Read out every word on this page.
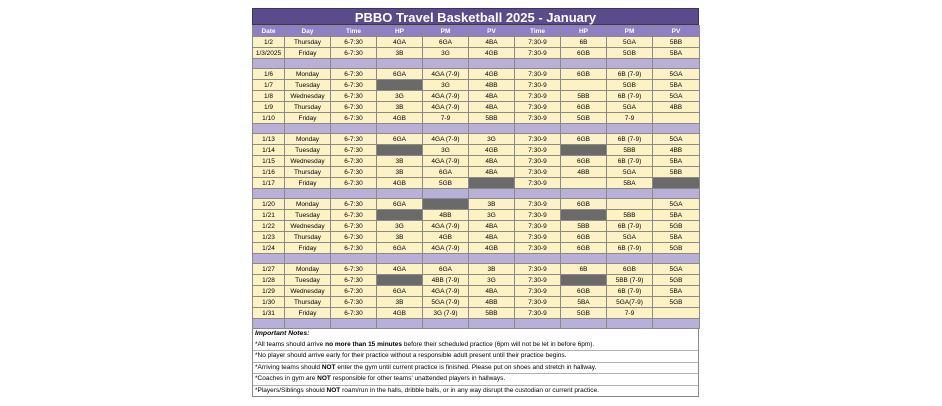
PBBO Travel Basketball 2025 - January
Date	Day	Time	HP	PM	PV	Time	HP	PM	PV
1/2	Thursday	6-7:30	4GA	6GA	4BA	7:30-9	6B	5GA	5BB
1/3/2025	Friday	6-7:30	3B	3G	4GB	7:30-9	6GB	5GB	5BA

1/6	Monday	6-7:30	6GA	4GA (7-9)	4GB	7:30-9	6GB	6B (7-9)	5GA
1/7	Tuesday	6-7:30		3G	4BB	7:30-9		5GB	5BA
1/8	Wednesday	6-7:30	3G	4GA (7-9)	4BA	7:30-9	5BB	6B (7-9)	5GA
1/9	Thursday	6-7:30	3B	4GA (7-9)	4BA	7:30-9	6GB	5GA	4BB
1/10	Friday	6-7:30	4GB	7-9	5BB	7:30-9	5GB	7-9	

1/13	Monday	6-7:30	6GA	4GA (7-9)	3G	7:30-9	6GB	6B (7-9)	5GA
1/14	Tuesday	6-7:30		3G	4GB	7:30-9		5BB	4BB
1/15	Wednesday	6-7:30	3B	4GA (7-9)	4BA	7:30-9	6GB	6B (7-9)	5BA
1/16	Thursday	6-7:30	3B	6GA	4BA	7:30-9	4BB	5GA	5BB
1/17	Friday	6-7:30	4GB	5GB		7:30-9		5BA	

1/20	Monday	6-7:30	6GA		3B	7:30-9	6GB		5GA
1/21	Tuesday	6-7:30		4BB	3G	7:30-9		5BB	5BA
1/22	Wednesday	6-7:30	3G	4GA (7-9)	4BA	7:30-9	5BB	6B (7-9)	5GB
1/23	Thursday	6-7:30	3B	4GB	4BA	7:30-9	6GB	5GA	5BA
1/24	Friday	6-7:30	6GA	4GA (7-9)	4GB	7:30-9	6GB	6B (7-9)	5GB

1/27	Monday	6-7:30	4GA	6GA	3B	7:30-9	6B	6GB	5GA
1/28	Tuesday	6-7:30		4BB (7-9)	3G	7:30-9		5BB (7-9)	5GB
1/29	Wednesday	6-7:30	6GA	4GA (7-9)	4BA	7:30-9	6GB	6B (7-9)	5BA
1/30	Thursday	6-7:30	3B	5GA (7-9)	4BB	7:30-9	5BA	5GA(7-9)	5GB
1/31	Friday	6-7:30	4GB	3G (7-9)	5BB	7:30-9	5GB	7-9	

Important Notes:
*All teams should arrive no more than 15 minutes before their scheduled practice (6pm will not be let in before 6pm).
*No player should arrive early for their practice without a responsible adult present until their practice begins.
*Arriving teams should NOT enter the gym until current practice is finished. Please put on shoes and stretch in hallway.
*Coaches in gym are NOT responsible for other teams' unattended players in hallways.
*Players/Siblings should NOT roam/run in the halls, dribble balls, or in any way disrupt the custodian or current practice.
